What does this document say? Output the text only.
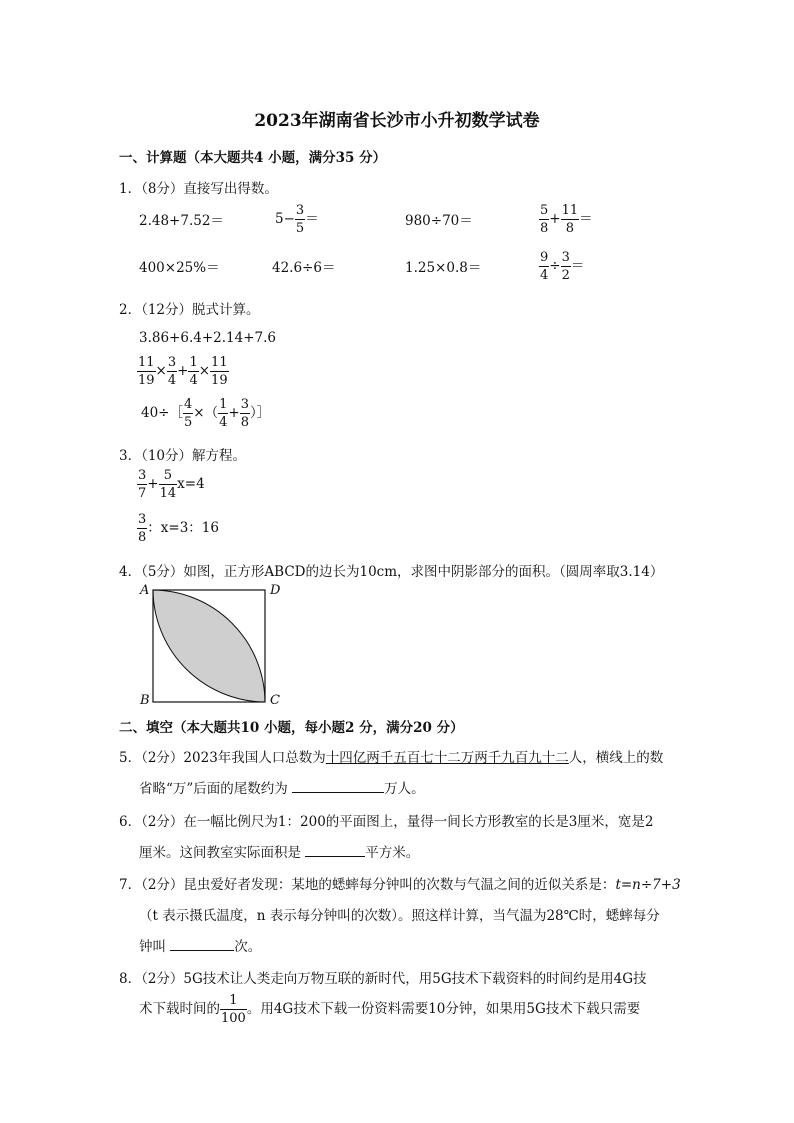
2023年湖南省长沙市小升初数学试卷
一、计算题（本大题共4 小题，满分35 分）
1．（8分）直接写出得数。
2.48+7.52＝	$5- \frac{3}{5}$ ＝	980÷70＝	$\frac{5}{8} + \frac{11}{8}$ ＝
400×25%＝	42.6÷6＝	1.25×0.8＝	$\frac{9}{4} \div \frac{3}{2}$ ＝
2．（12分）脱式计算。
3.86+6.4+2.14+7.6
$\frac{11}{19} \times \frac{3}{4} + \frac{1}{4} \times \frac{11}{19}$
40÷［ $\frac{4}{5}$ ×（ $\frac{1}{4} + \frac{3}{8}$ ）］
3．（10分）解方程。
$\frac{3}{7} + \frac{5}{14} x=4$
$\frac{3}{8}$ ：x=3：16
4．（5分）如图，正方形ABCD的边长为10cm，求图中阴影部分的面积。（圆周率取3.14）
A	D
B	C
二、填空（本大题共10 小题，每小题2 分，满分20 分）
5．（2分）2023年我国人口总数为十四亿两千五百七十二万两千九百九十二人，横线上的数
省略“万”后面的尾数约为	万人。
6．（2分）在一幅比例尺为1：200的平面图上，量得一间长方形教室的长是3厘米，宽是2
厘米。这间教室实际面积是	平方米。
7．（2分）昆虫爱好者发现：某地的蟋蟀每分钟叫的次数与气温之间的近似关系是：t=n÷7+3
（t 表示摄氏温度，n 表示每分钟叫的次数）。照这样计算，当气温为28℃时，蟋蟀每分
钟叫	次。
8．（2分）5G技术让人类走向万物互联的新时代，用5G技术下载资料的时间约是用4G技
术下载时间的 $\frac{1}{100}$ 。用4G技术下载一份资料需要10分钟，如果用5G技术下载只需要
